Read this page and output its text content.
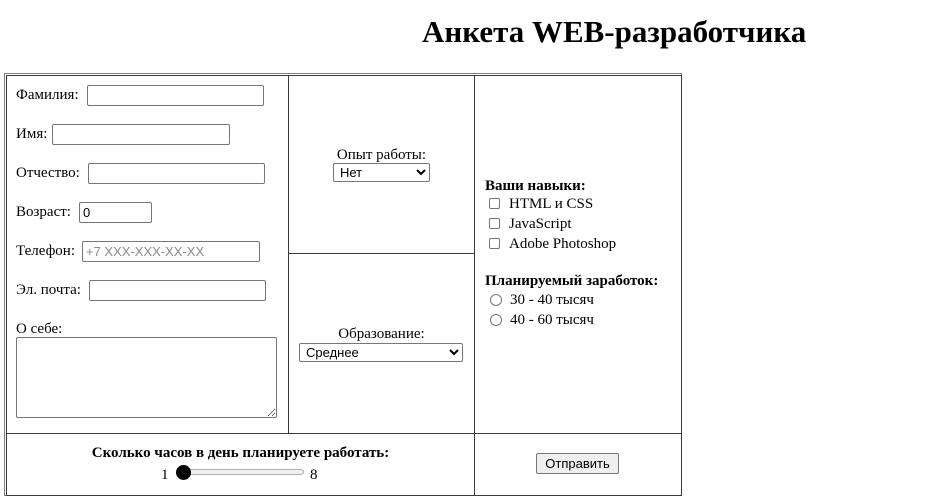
Анкета WEB-разработчика
Фамилия:
Имя:
Отчество:
Возраст:
0
Телефон:
+7 XXX-XXX-XX-XX
Эл. почта:
О себе:
Опыт работы:
Нет
Образование:
Среднее
Ваши навыки:
HTML и CSS
JavaScript
Adobe Photoshop
Планируемый заработок:
30 - 40 тысяч
40 - 60 тысяч
Сколько часов в день планируете работать:
1	8
Отправить
